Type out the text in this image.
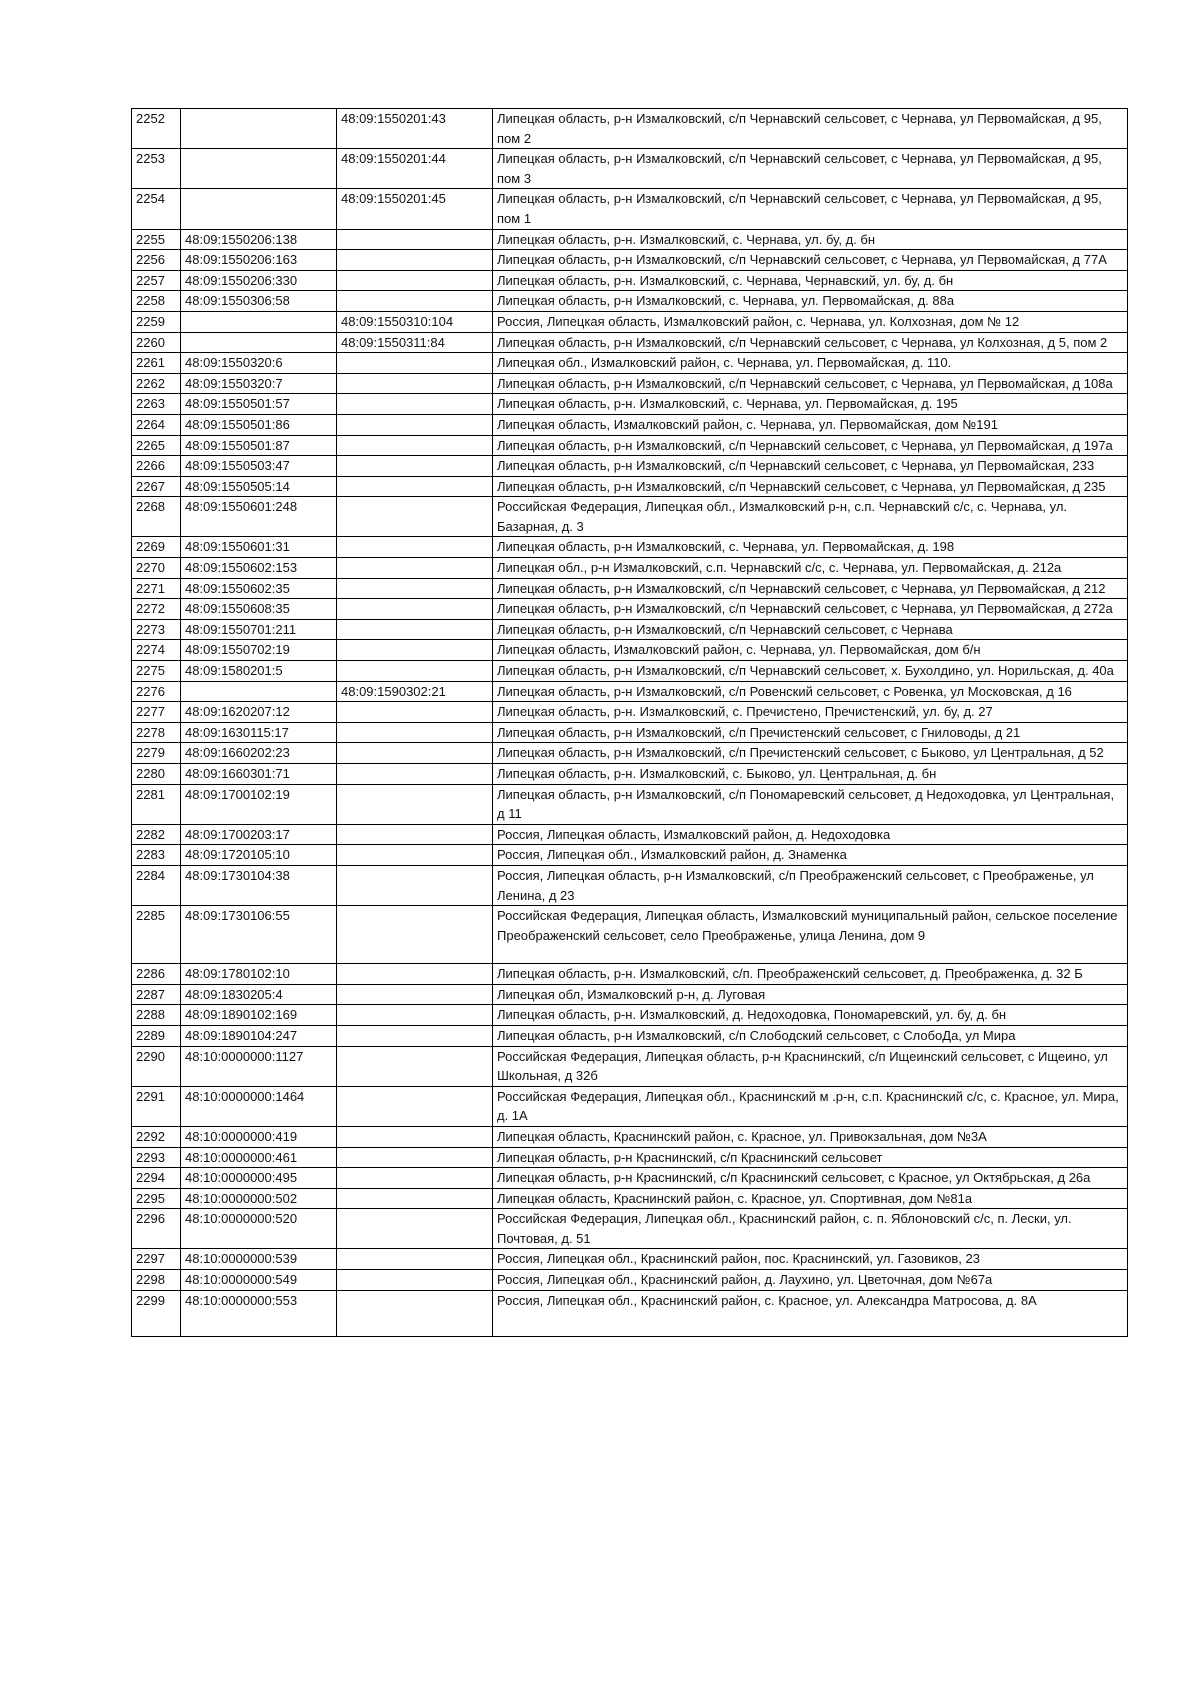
2252		48:09:1550201:43	Липецкая область, р-н Измалковский, с/п Чернавский сельсовет, с Чернава, ул Первомайская, д 95, пом 2
2253		48:09:1550201:44	Липецкая область, р-н Измалковский, с/п Чернавский сельсовет, с Чернава, ул Первомайская, д 95, пом 3
2254		48:09:1550201:45	Липецкая область, р-н Измалковский, с/п Чернавский сельсовет, с Чернава, ул Первомайская, д 95, пом 1
2255	48:09:1550206:138		Липецкая область, р-н. Измалковский, с. Чернава, ул. бу, д. бн
2256	48:09:1550206:163		Липецкая область, р-н Измалковский, с/п Чернавский сельсовет, с Чернава, ул Первомайская, д 77А
2257	48:09:1550206:330		Липецкая область, р-н. Измалковский, с. Чернава, Чернавский, ул. бу, д. бн
2258	48:09:1550306:58		Липецкая область, р-н Измалковский, с. Чернава, ул. Первомайская, д. 88а
2259		48:09:1550310:104	Россия, Липецкая область, Измалковский район, с. Чернава, ул. Колхозная, дом № 12
2260		48:09:1550311:84	Липецкая область, р-н Измалковский, с/п Чернавский сельсовет, с Чернава, ул Колхозная, д 5, пом 2
2261	48:09:1550320:6		Липецкая обл., Измалковский район, с. Чернава, ул. Первомайская, д. 110.
2262	48:09:1550320:7		Липецкая область, р-н Измалковский, с/п Чернавский сельсовет, с Чернава, ул Первомайская, д 108а
2263	48:09:1550501:57		Липецкая область, р-н. Измалковский, с. Чернава, ул. Первомайская, д. 195
2264	48:09:1550501:86		Липецкая область, Измалковский район, с. Чернава, ул. Первомайская, дом №191
2265	48:09:1550501:87		Липецкая область, р-н Измалковский, с/п Чернавский сельсовет, с Чернава, ул Первомайская, д 197а
2266	48:09:1550503:47		Липецкая область, р-н Измалковский, с/п Чернавский сельсовет, с Чернава, ул Первомайская, 233
2267	48:09:1550505:14		Липецкая область, р-н Измалковский, с/п Чернавский сельсовет, с Чернава, ул Первомайская, д 235
2268	48:09:1550601:248		Российская Федерация, Липецкая обл., Измалковский р-н, с.п. Чернавский с/с, с. Чернава, ул. Базарная, д. 3
2269	48:09:1550601:31		Липецкая область, р-н Измалковский, с. Чернава, ул. Первомайская, д. 198
2270	48:09:1550602:153		Липецкая обл., р-н Измалковский, с.п. Чернавский с/с, с. Чернава, ул. Первомайская, д. 212а
2271	48:09:1550602:35		Липецкая область, р-н Измалковский, с/п Чернавский сельсовет, с Чернава, ул Первомайская, д 212
2272	48:09:1550608:35		Липецкая область, р-н Измалковский, с/п Чернавский сельсовет, с Чернава, ул Первомайская, д 272а
2273	48:09:1550701:211		Липецкая область, р-н Измалковский, с/п Чернавский сельсовет, с Чернава
2274	48:09:1550702:19		Липецкая область, Измалковский район, с. Чернава, ул. Первомайская, дом б/н
2275	48:09:1580201:5		Липецкая область, р-н Измалковский, с/п Чернавский сельсовет, х. Бухолдино, ул. Норильская, д. 40а
2276		48:09:1590302:21	Липецкая область, р-н Измалковский, с/п Ровенский сельсовет, с Ровенка, ул Московская, д 16
2277	48:09:1620207:12		Липецкая область, р-н. Измалковский, с. Пречистено, Пречистенский, ул. бу, д. 27
2278	48:09:1630115:17		Липецкая область, р-н Измалковский, с/п Пречистенский сельсовет, с Гниловоды, д 21
2279	48:09:1660202:23		Липецкая область, р-н Измалковский, с/п Пречистенский сельсовет, с Быково, ул Центральная, д 52
2280	48:09:1660301:71		Липецкая область, р-н. Измалковский, с. Быково, ул. Центральная, д. бн
2281	48:09:1700102:19		Липецкая область, р-н Измалковский, с/п Пономаревский сельсовет, д Недоходовка, ул Центральная, д 11
2282	48:09:1700203:17		Россия, Липецкая область, Измалковский район, д. Недоходовка
2283	48:09:1720105:10		Россия, Липецкая обл., Измалковский район, д. Знаменка
2284	48:09:1730104:38		Россия, Липецкая область, р-н Измалковский, с/п Преображенский сельсовет, с Преображенье, ул Ленина, д 23
2285	48:09:1730106:55		Российская Федерация, Липецкая область, Измалковский муниципальный район, сельское поселение Преображенский сельсовет, село Преображенье, улица Ленина, дом 9
2286	48:09:1780102:10		Липецкая область, р-н. Измалковский, с/п. Преображенский сельсовет, д. Преображенка, д. 32 Б
2287	48:09:1830205:4		Липецкая обл, Измалковский р-н, д. Луговая
2288	48:09:1890102:169		Липецкая область, р-н. Измалковский, д. Недоходовка, Пономаревский, ул. бу, д. бн
2289	48:09:1890104:247		Липецкая область, р-н Измалковский, с/п Слободский сельсовет, с СлобоДа, ул Мира
2290	48:10:0000000:1127		Российская Федерация, Липецкая область, р-н Краснинский, с/п Ищеинский сельсовет, с Ищеино, ул Школьная, д 32б
2291	48:10:0000000:1464		Российская Федерация, Липецкая обл., Краснинский м .р-н, с.п. Краснинский с/с, с. Красное, ул. Мира, д. 1А
2292	48:10:0000000:419		Липецкая область, Краснинский район, с. Красное, ул. Привокзальная, дом №3А
2293	48:10:0000000:461		Липецкая область, р-н Краснинский, с/п Краснинский сельсовет
2294	48:10:0000000:495		Липецкая область, р-н Краснинский, с/п Краснинский сельсовет, с Красное, ул Октябрьская, д 26а
2295	48:10:0000000:502		Липецкая область, Краснинский район, с. Красное, ул. Спортивная, дом №81а
2296	48:10:0000000:520		Российская Федерация, Липецкая обл., Краснинский район, с. п. Яблоновский с/с, п. Лески, ул. Почтовая, д. 51
2297	48:10:0000000:539		Россия, Липецкая обл., Краснинский район, пос. Краснинский, ул. Газовиков, 23
2298	48:10:0000000:549		Россия, Липецкая обл., Краснинский район, д. Лаухино, ул. Цветочная, дом №67а
2299	48:10:0000000:553		Россия, Липецкая обл., Краснинский район, с. Красное, ул. Александра Матросова, д. 8А
